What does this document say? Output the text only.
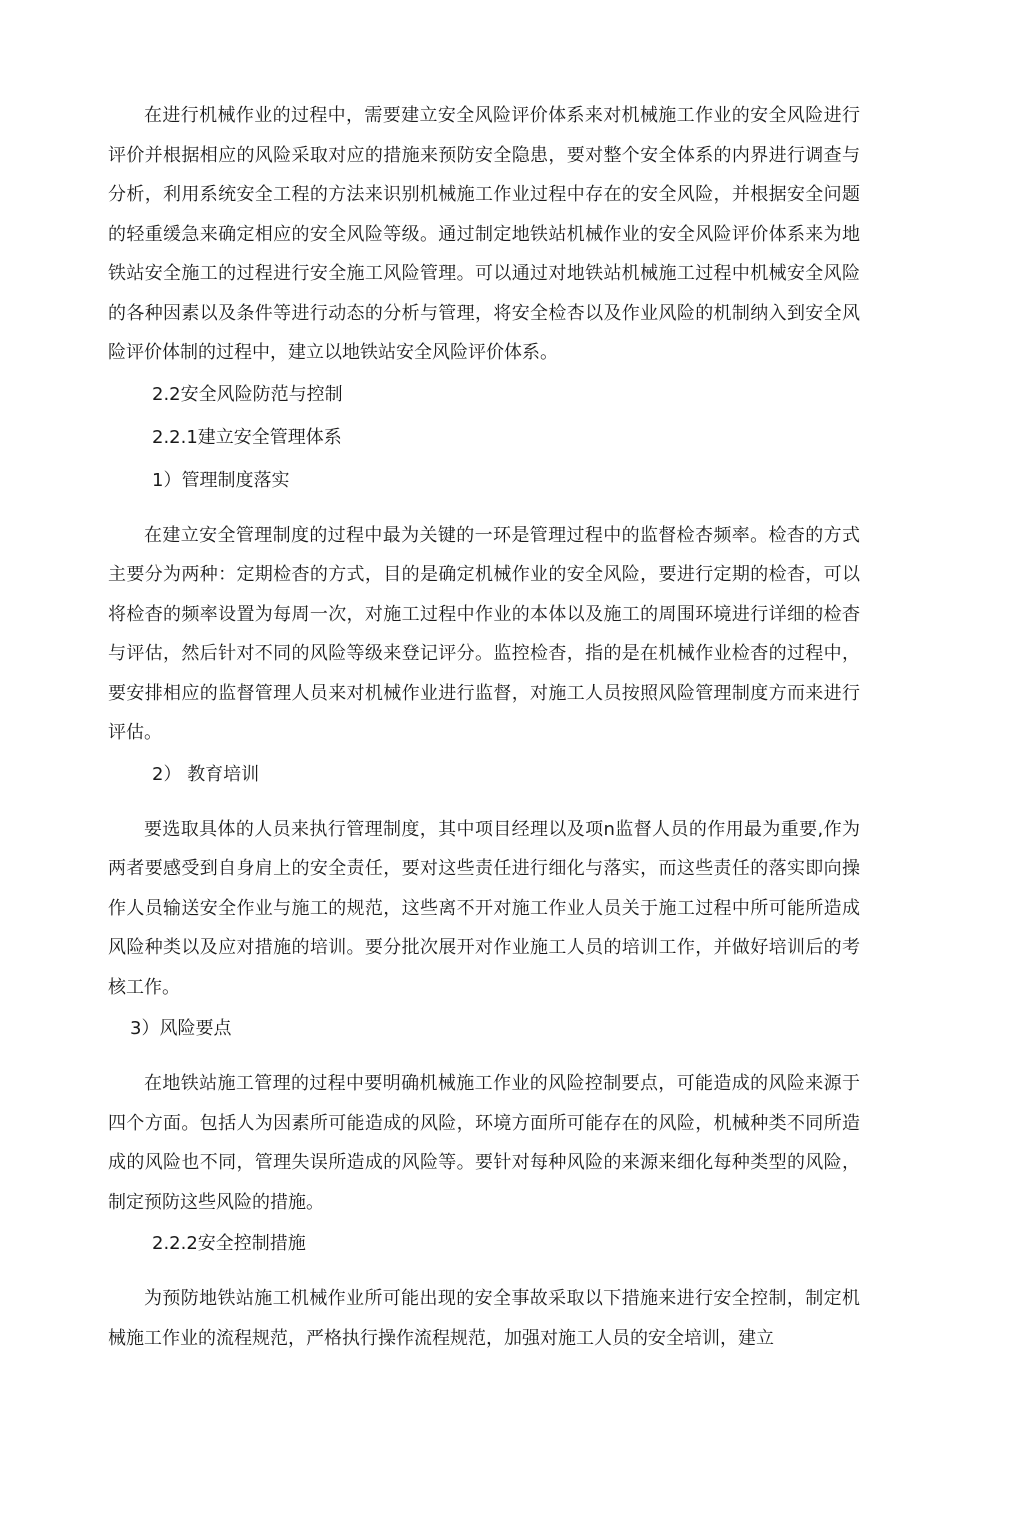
在进行机械作业的过程中，需要建立安全风险评价体系来对机械施工作业的安全风险进行评价并根据相应的风险采取对应的措施来预防安全隐患，要对整个安全体系的内界进行调查与分析，利用系统安全工程的方法来识别机械施工作业过程中存在的安全风险，并根据安全问题的轻重缓急来确定相应的安全风险等级。通过制定地铁站机械作业的安全风险评价体系来为地铁站安全施工的过程进行安全施工风险管理。可以通过对地铁站机械施工过程中机械安全风险的各种因素以及条件等进行动态的分析与管理，将安全检杏以及作业风险的机制纳入到安全风险评价体制的过程中，建立以地铁站安全风险评价体系。

2.2安全风险防范与控制
2.2.1建立安全管理体系
1）管理制度落实

在建立安全管理制度的过程中最为关键的一环是管理过程中的监督检杏频率。检杳的方式主要分为两种：定期检杳的方式，目的是确定机械作业的安全风险，要进行定期的检杳，可以将检杳的频率设置为每周一次，对施工过程中作业的本体以及施工的周围环境进行详细的检杳与评估，然后针对不同的风险等级来登记评分。监控检杳，指的是在机械作业检杳的过程中，要安排相应的监督管理人员来对机械作业进行监督，对施工人员按照风险管理制度方而来进行评估。

2） 教育培训

要选取具体的人员来执行管理制度，其中项目经理以及项n监督人员的作用最为重要,作为两者要感受到自身肩上的安全责任，要对这些责任进行细化与落实，而这些责任的落实即向操作人员输送安全作业与施工的规范，这些离不开对施工作业人员关于施工过程中所可能所造成风险种类以及应对措施的培训。要分批次展开对作业施工人员的培训工作，并做好培训后的考核工作。

3）风险要点

在地铁站施工管理的过程中要明确机械施工作业的风险控制要点，可能造成的风险来源于四个方面。包括人为因素所可能造成的风险，环境方面所可能存在的风险，机械种类不同所造成的风险也不同，管理失误所造成的风险等。要针对每种风险的来源来细化每种类型的风险，制定预防这些风险的措施。

2.2.2安全控制措施

为预防地铁站施工机械作业所可能出现的安全事故采取以下措施来进行安全控制，制定机械施工作业的流程规范，严格执行操作流程规范，加强对施工人员的安全培训，建立
